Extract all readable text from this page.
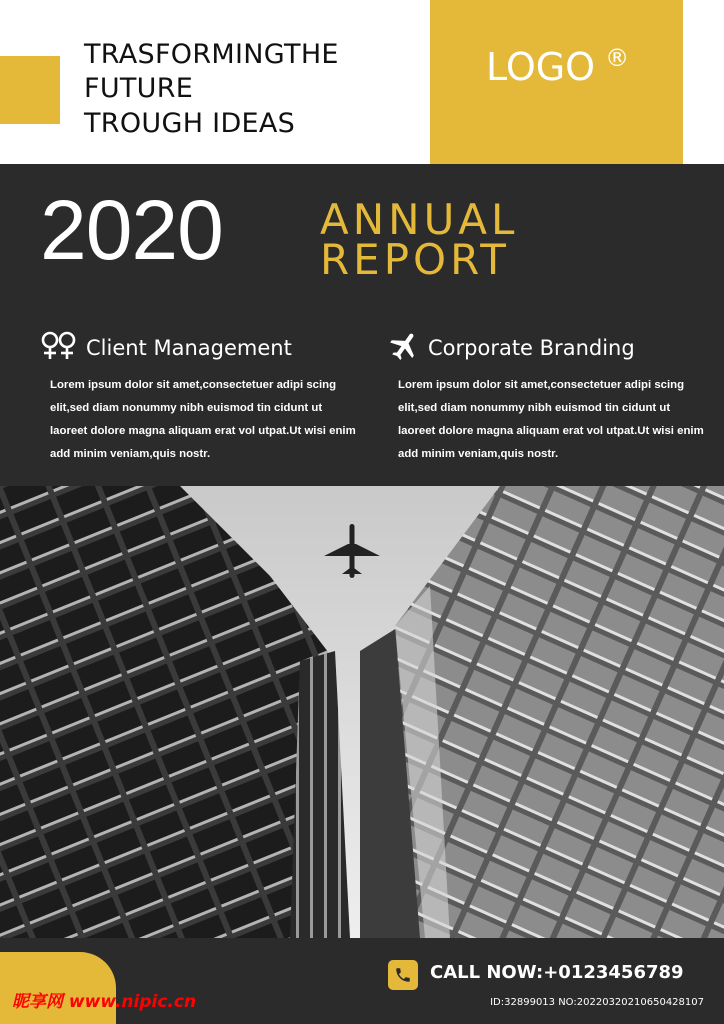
TRASFORMINGTHE
FUTURE
TROUGH IDEAS
LOGO ®
2020 ANNUAL
REPORT
Client Management
Lorem ipsum dolor sit amet,consectetuer adipi scing elit,sed diam nonummy nibh euismod tin cidunt ut laoreet dolore magna aliquam erat vol utpat.Ut wisi enim add minim veniam,quis nostr.
Corporate Branding
Lorem ipsum dolor sit amet,consectetuer adipi scing elit,sed diam nonummy nibh euismod tin cidunt ut laoreet dolore magna aliquam erat vol utpat.Ut wisi enim add minim veniam,quis nostr.
CALL NOW:+0123456789
昵享网 www.nipic.cn	ID:32899013 NO:20220320210650428107
